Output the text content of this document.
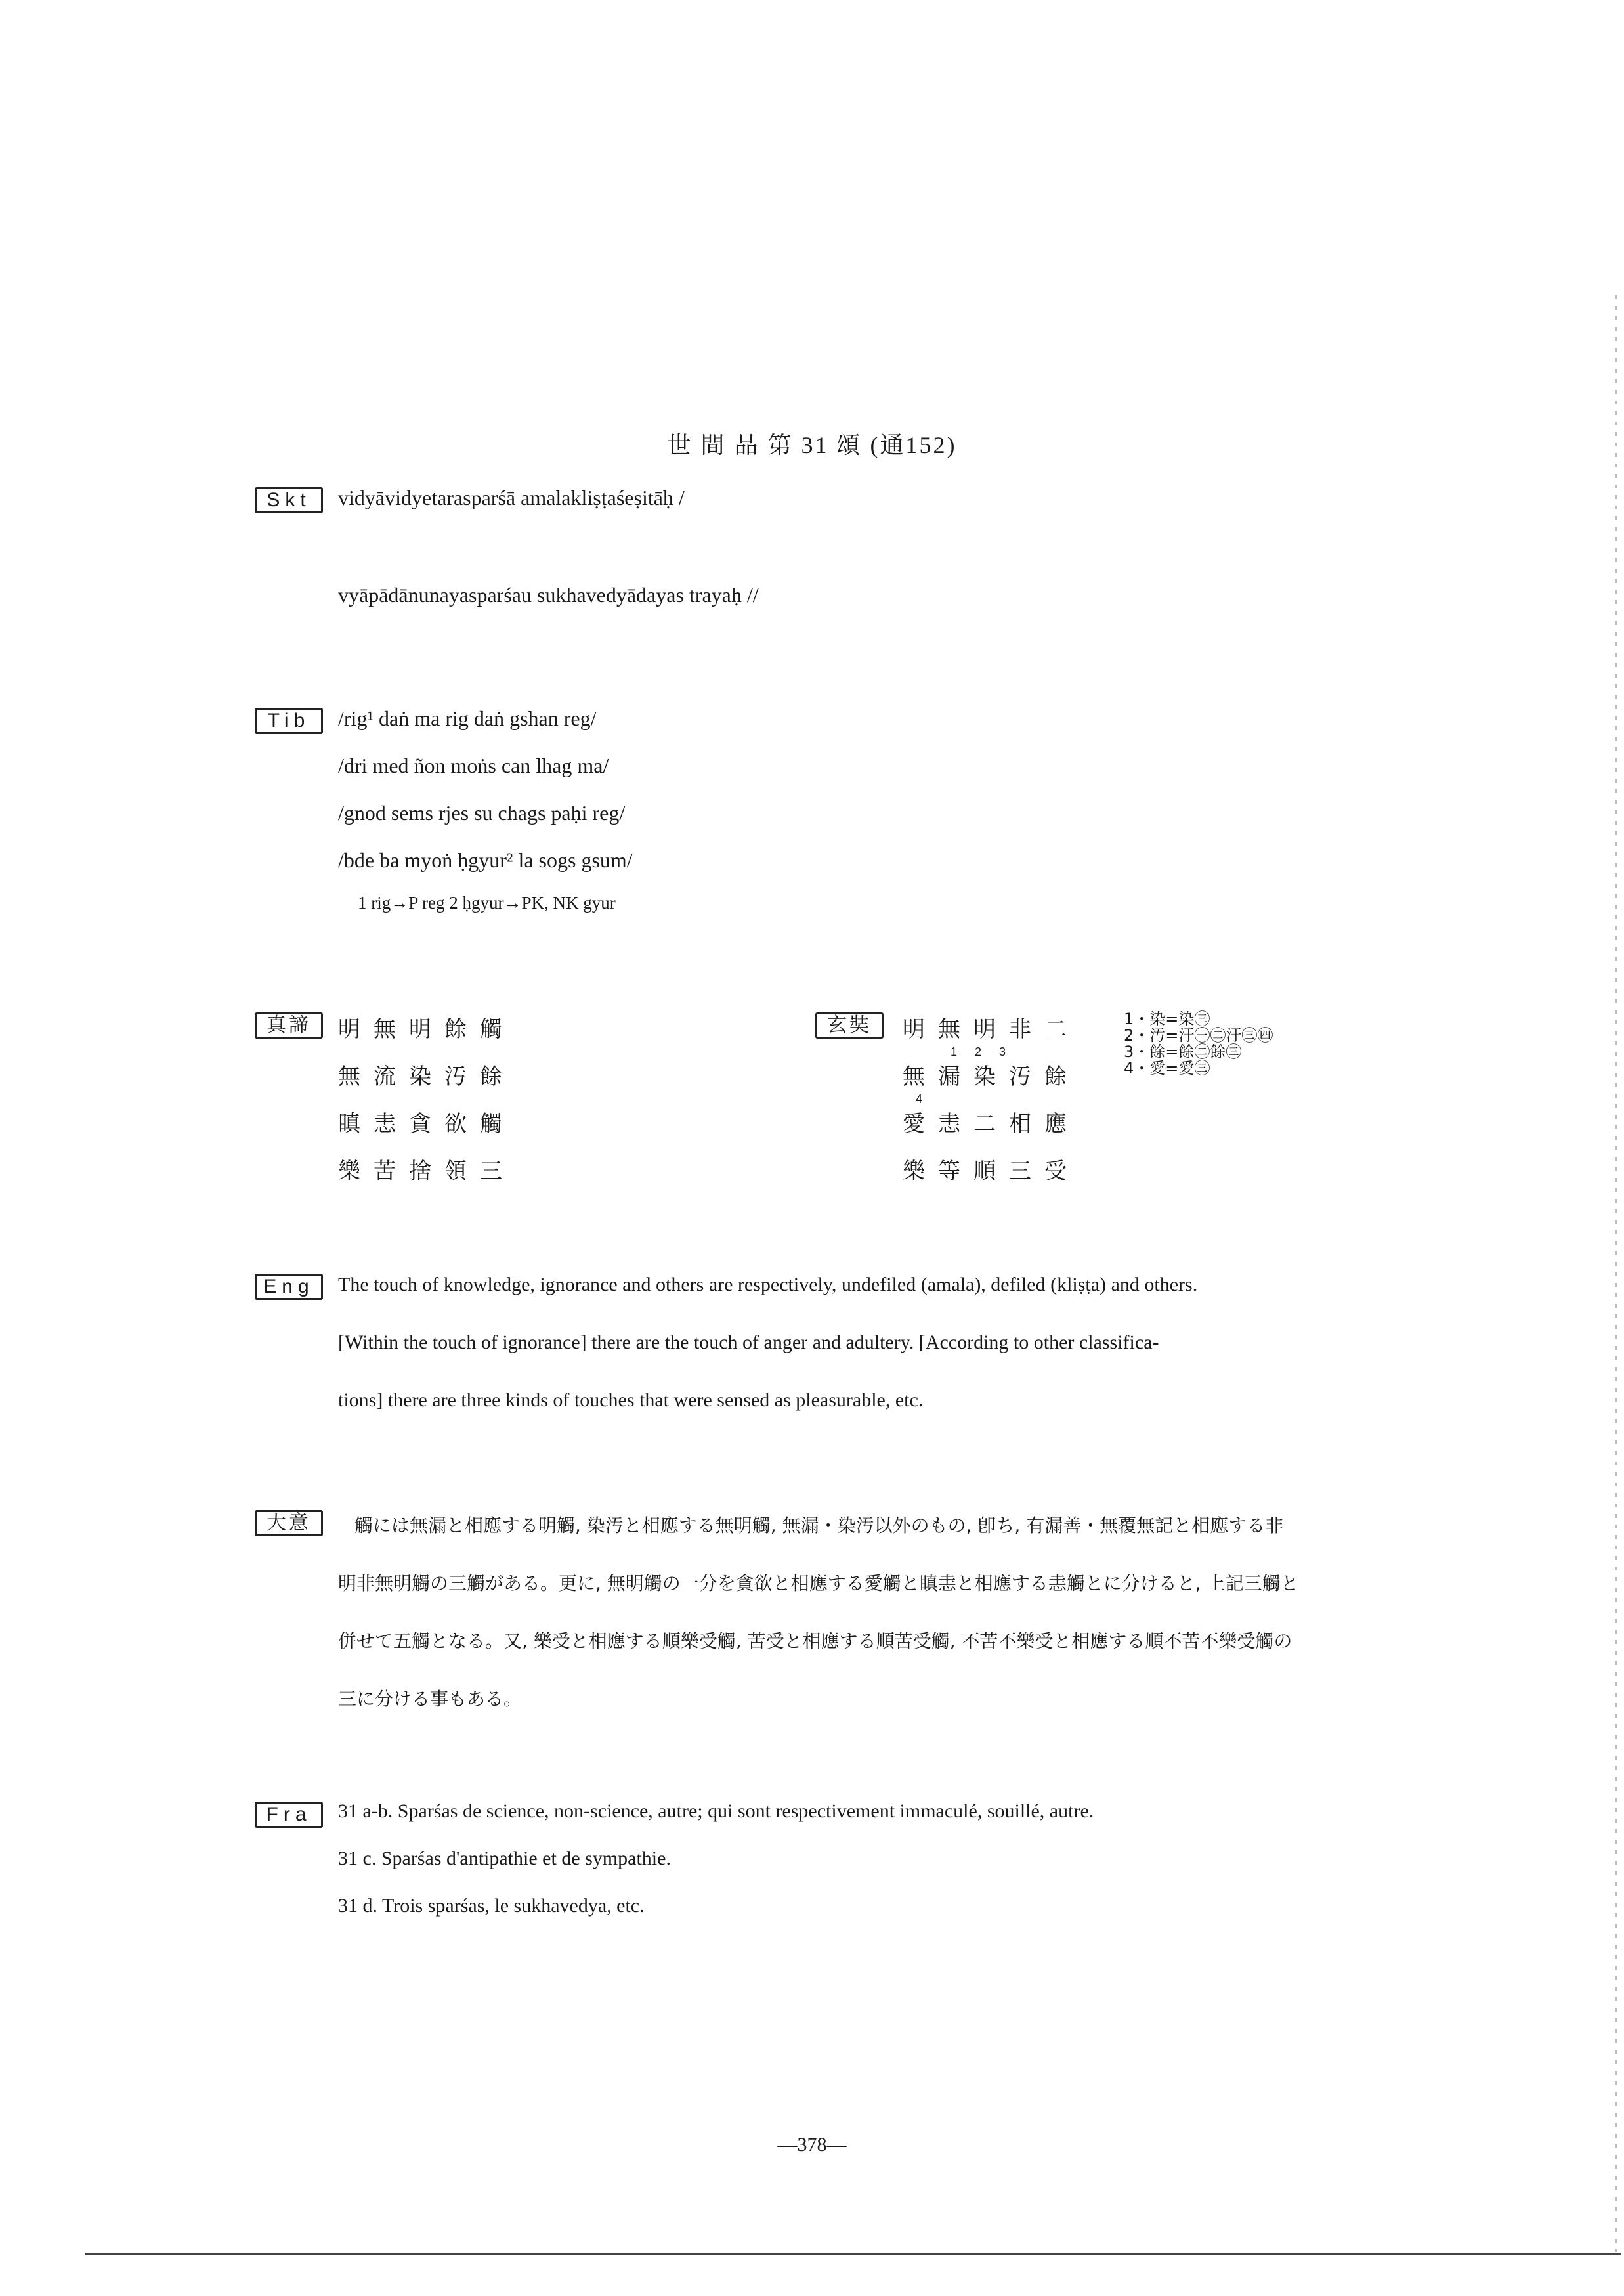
世 間 品 第 31 頌 (通152)
Skt	vidyāvidyetarasparśā amalakliṣṭaśeṣitāḥ /
vyāpādānunayasparśau sukhavedyādayas trayaḥ //
Tib	/rig¹ daṅ ma rig daṅ gshan reg/
/dri med ñon moṅs can lhag ma/
/gnod sems rjes su chags paḥi reg/
/bde ba myoṅ ḥgyur² la sogs gsum/
1 rig→P reg 2 ḥgyur→PK, NK gyur
真諦	明無明餘觸
無流染汚餘
瞋恚貪欲觸
樂苦捨領三
玄奘	明無明非二
1 2 3
無漏染汚餘
4
愛恚二相應
樂等順三受
1・染=染㊂
2・汚=汙㊀㊁汙㊂㊃
3・餘=餘㊁餘㊂
4・愛=愛㊂
Eng	The touch of knowledge, ignorance and others are respectively, undefiled (amala), defiled (kliṣṭa) and others.
[Within the touch of ignorance] there are the touch of anger and adultery. [According to other classifica-
tions] there are three kinds of touches that were sensed as pleasurable, etc.
大意	觸には無漏と相應する明觸, 染汚と相應する無明觸, 無漏・染汚以外のもの, 卽ち, 有漏善・無覆無記と相應する非
明非無明觸の三觸がある。更に, 無明觸の一分を貪欲と相應する愛觸と瞋恚と相應する恚觸とに分けると, 上記三觸と
併せて五觸となる。又, 樂受と相應する順樂受觸, 苦受と相應する順苦受觸, 不苦不樂受と相應する順不苦不樂受觸の
三に分ける事もある。
Fra	31 a-b. Sparśas de science, non-science, autre; qui sont respectivement immaculé, souillé, autre.
31 c. Sparśas d'antipathie et de sympathie.
31 d. Trois sparśas, le sukhavedya, etc.
—378—
